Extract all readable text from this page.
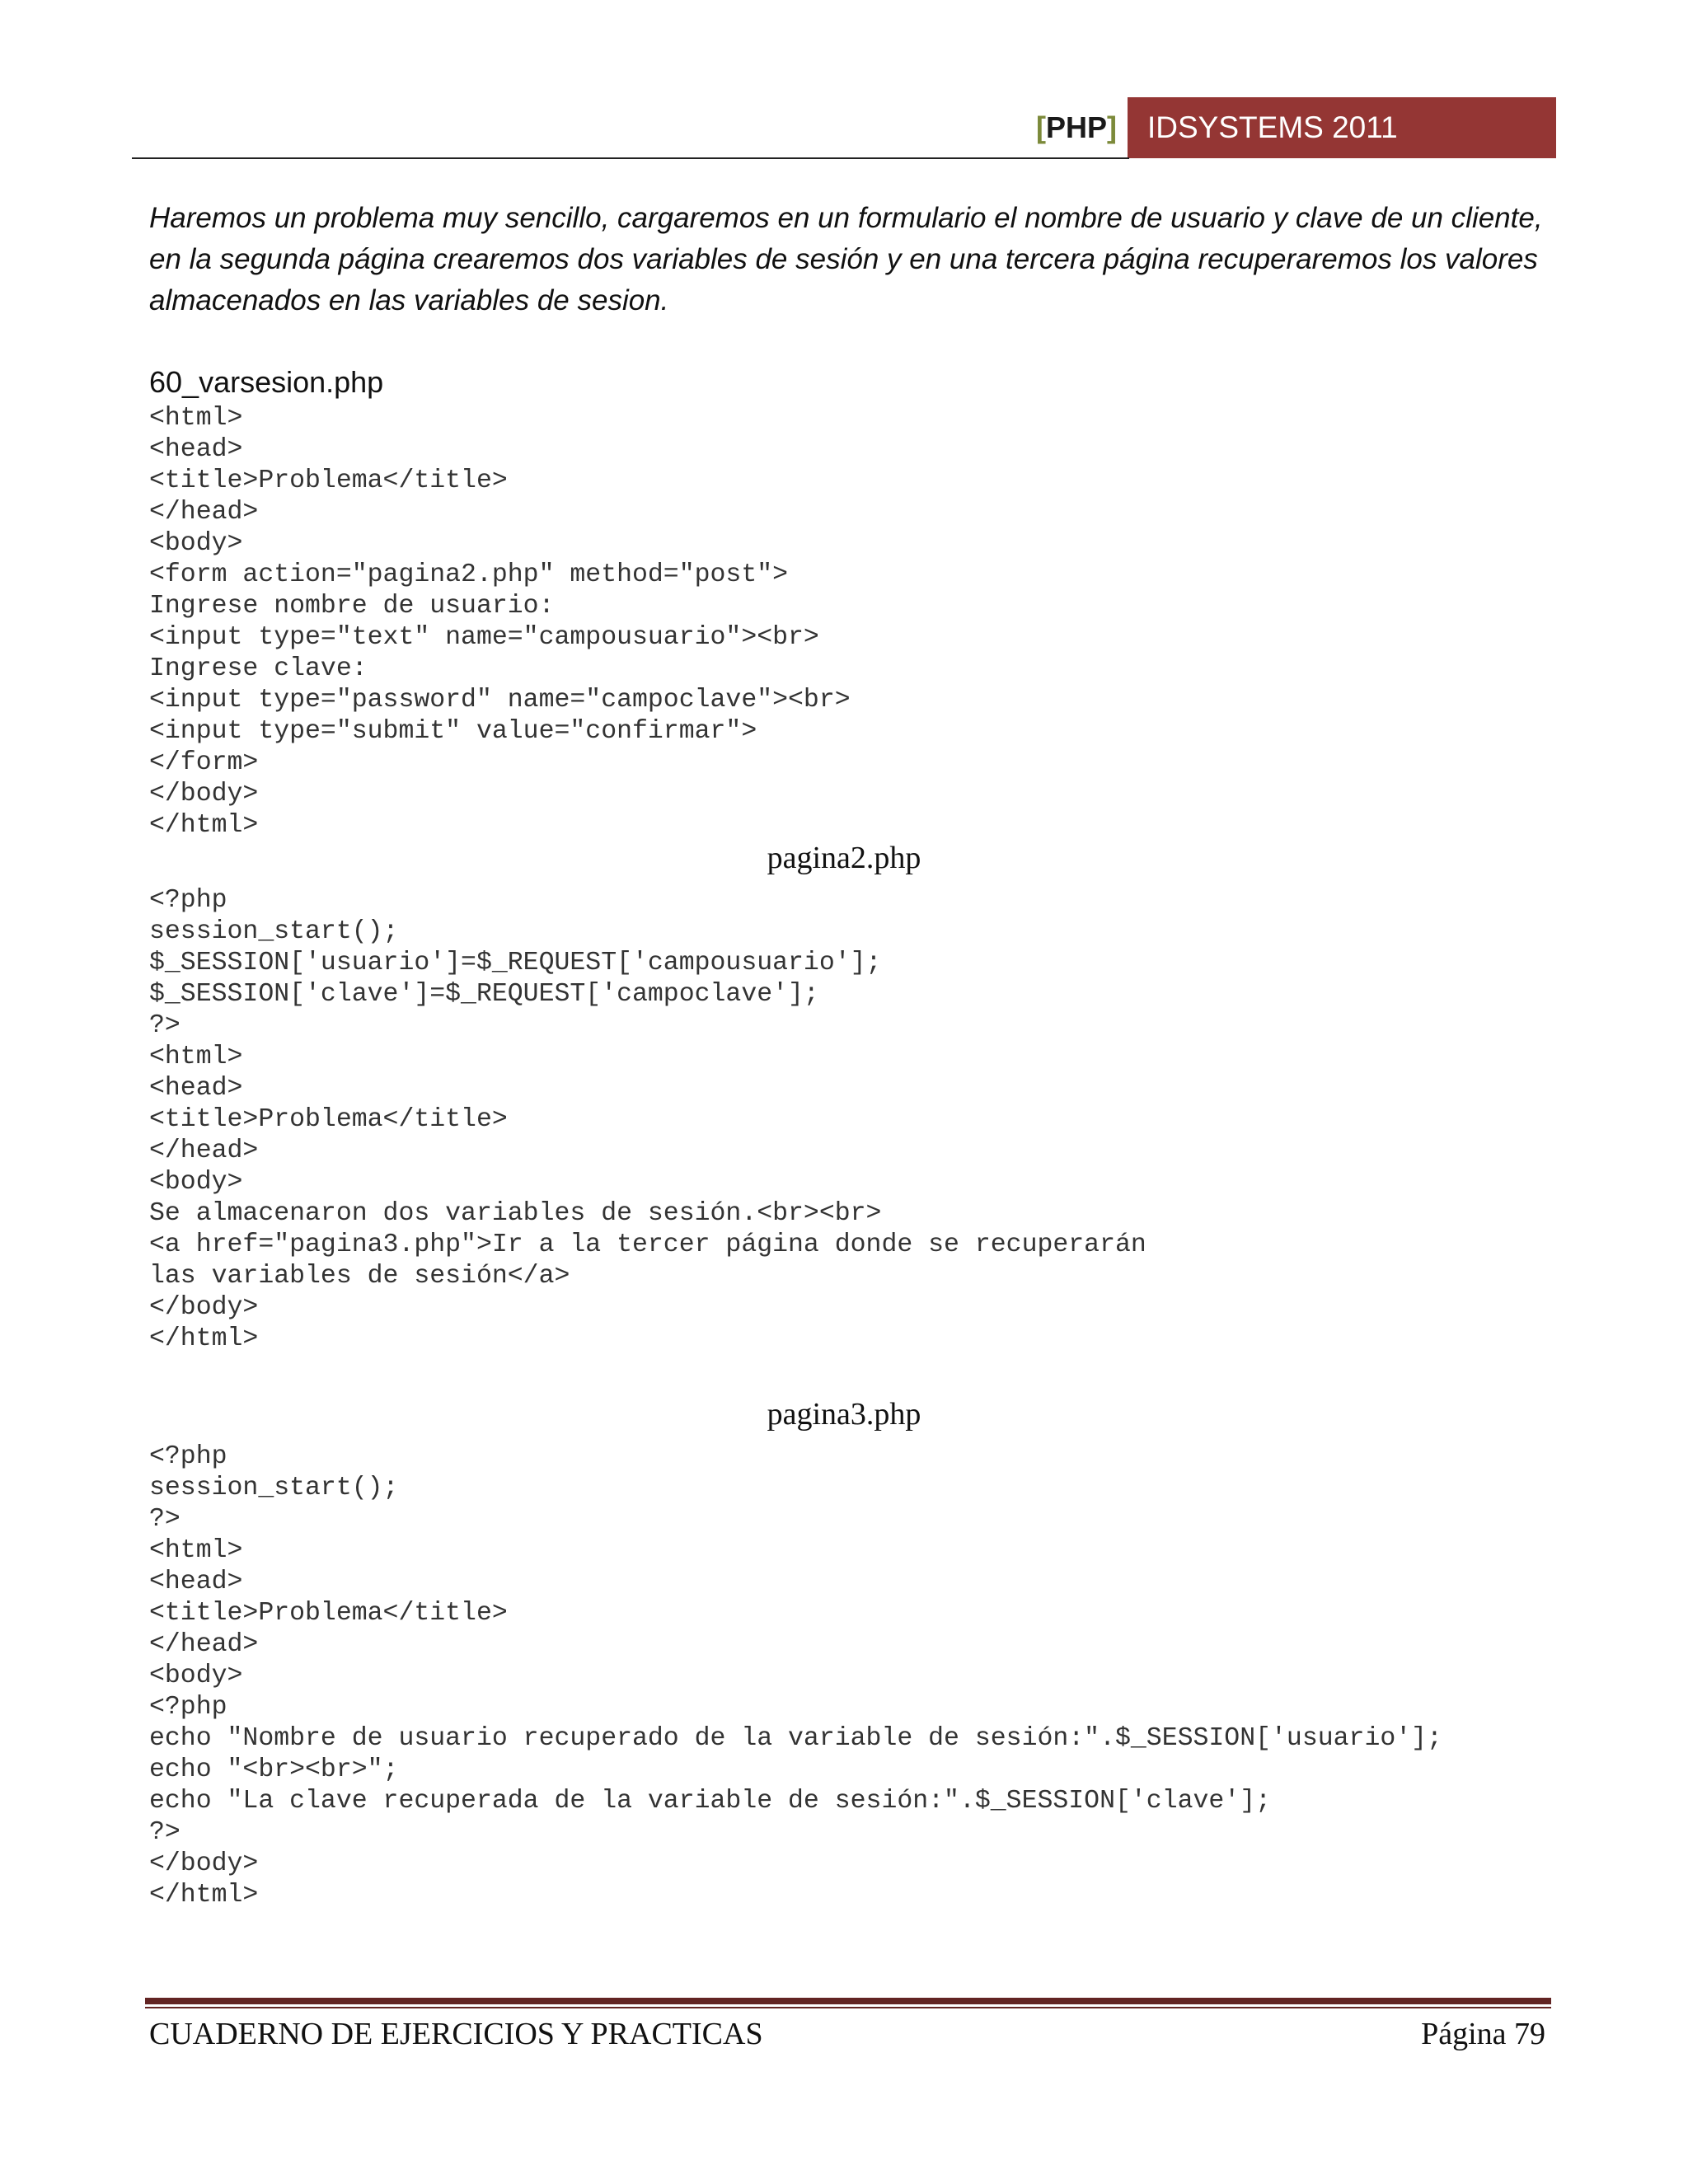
[PHP]	IDSYSTEMS 2011

Haremos un problema muy sencillo, cargaremos en un formulario el nombre de usuario y clave de un cliente, en la segunda página crearemos dos variables de sesión y en una tercera página recuperaremos los valores almacenados en las variables de sesion.

60_varsesion.php

<html>
<head>
<title>Problema</title>
</head>
<body>
<form action="pagina2.php" method="post">
Ingrese nombre de usuario:
<input type="text" name="campousuario"><br>
Ingrese clave:
<input type="password" name="campoclave"><br>
<input type="submit" value="confirmar">
</form>
</body>
</html>

pagina2.php

<?php
session_start();
$_SESSION['usuario']=$_REQUEST['campousuario'];
$_SESSION['clave']=$_REQUEST['campoclave'];
?>
<html>
<head>
<title>Problema</title>
</head>
<body>
Se almacenaron dos variables de sesión.<br><br>
<a href="pagina3.php">Ir a la tercer página donde se recuperarán
las variables de sesión</a>
</body>
</html>

pagina3.php

<?php
session_start();
?>
<html>
<head>
<title>Problema</title>
</head>
<body>
<?php
echo "Nombre de usuario recuperado de la variable de sesión:".$_SESSION['usuario'];
echo "<br><br>";
echo "La clave recuperada de la variable de sesión:".$_SESSION['clave'];
?>
</body>
</html>
CUADERNO DE EJERCICIOS Y PRACTICAS	Página 79
